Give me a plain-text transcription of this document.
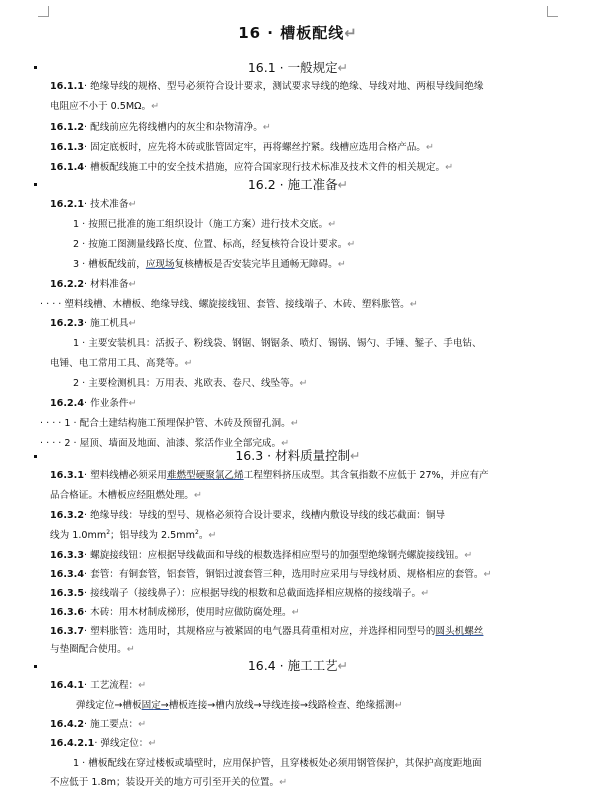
16 · 槽板配线↵
16.1 · 一般规定↵
16.1.1· 绝缘导线的规格、型号必须符合设计要求，测试要求导线的绝缘、导线对地、两根导线间绝缘
电阻应不小于 0.5MΩ。↵
16.1.2· 配线前应先将线槽内的灰尘和杂物清净。↵
16.1.3· 固定底板时，应先将木砖或胀管固定牢，再将螺丝拧紧。线槽应选用合格产品。↵
16.1.4· 槽板配线施工中的安全技术措施，应符合国家现行技术标准及技术文件的相关规定。↵
16.2 · 施工准备↵
16.2.1· 技术准备↵
1 · 按照已批准的施工组织设计（施工方案）进行技术交底。↵
2 · 按施工图测量线路长度、位置、标高，经复核符合设计要求。↵
3 · 槽板配线前，应现场复核槽板是否安装完毕且通畅无障碍。↵
16.2.2· 材料准备↵
· · · · 塑料线槽、木槽板、绝缘导线、螺旋接线钮、套管、接线端子、木砖、塑料胀管。↵
16.2.3· 施工机具↵
1 · 主要安装机具：活扳子、粉线袋、钢锯、钢锯条、喷灯、锡锅、锡勺、手锤、錾子、手电钻、
电锤、电工常用工具、高凳等。↵
2 · 主要检测机具：万用表、兆欧表、卷尺、线坠等。↵
16.2.4· 作业条件↵
· · · · 1 · 配合土建结构施工预埋保护管、木砖及预留孔洞。↵
· · · · 2 · 屋顶、墙面及地面、油漆、浆活作业全部完成。↵
16.3 · 材料质量控制↵
16.3.1· 塑料线槽必须采用难燃型硬聚氯乙烯工程塑料挤压成型。其含氧指数不应低于 27%，并应有产
品合格证。木槽板应经阻燃处理。↵
16.3.2· 绝缘导线：导线的型号、规格必须符合设计要求，线槽内敷设导线的线芯截面：铜导
线为 $1.0mm^2$；铝导线为 $2.5mm^2$。↵
16.3.3· 螺旋接线钮：应根据导线截面和导线的根数选择相应型号的加强型绝缘钢壳螺旋接线钮。↵
16.3.4· 套管：有铜套管，铝套管，铜铝过渡套管三种，选用时应采用与导线材质、规格相应的套管。↵
16.3.5· 接线端子（接线鼻子）：应根据导线的根数和总截面选择相应规格的接线端子。↵
16.3.6· 木砖：用木材制成梯形，使用时应做防腐处理。↵
16.3.7· 塑料胀管：选用时，其规格应与被紧固的电气器具荷重相对应，并选择相同型号的圆头机螺丝
与垫圈配合使用。↵
16.4 · 施工工艺↵
16.4.1· 工艺流程：↵
弹线定位→槽板固定→槽板连接→槽内放线→导线连接→线路检查、绝缘摇测↵
16.4.2· 施工要点：↵
16.4.2.1· 弹线定位：↵
1 · 槽板配线在穿过楼板或墙壁时，应用保护管，且穿楼板处必须用钢管保护，其保护高度距地面
不应低于 1.8m；装设开关的地方可引至开关的位置。↵
